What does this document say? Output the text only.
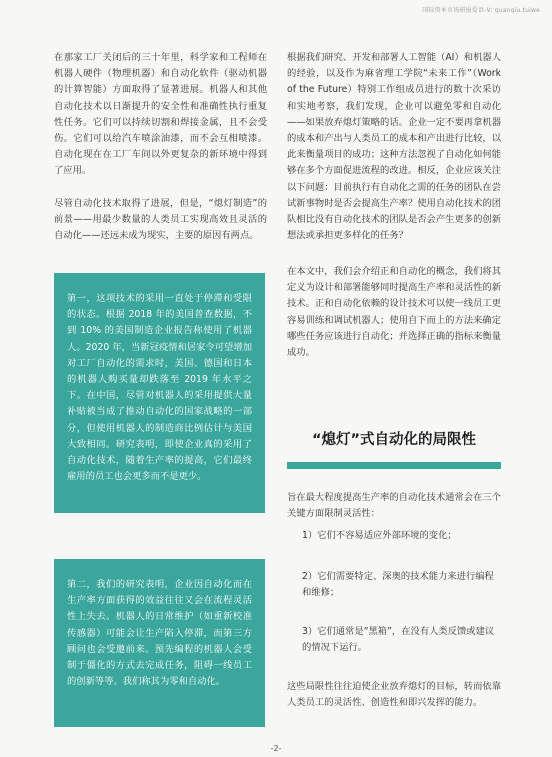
国际资本市场研报爱语-V: quanqiu.tuiwe

在那家工厂关闭后的三十年里，科学家和工程师在机器人硬件（物理机器）和自动化软件（驱动机器的计算智能）方面取得了显著进展。机器人和其他自动化技术以日渐提升的安全性和准确性执行重复性任务。它们可以持续切割和焊接金属，且不会受伤。它们可以给汽车喷涂油漆，而不会互相喷漆。自动化现在在工厂车间以外更复杂的新环境中得到了应用。

尽管自动化技术取得了进展，但是，“熄灯制造”的前景——用最少数量的人类员工实现高效且灵活的自动化——还远未成为现实，主要的原因有两点。

第一，这项技术的采用一直处于停滞和受限的状态。根据 2018 年的美国普查数据，不到 10% 的美国制造企业报告称使用了机器人。2020 年，当新冠疫情和居家令可望增加对工厂自动化的需求时，美国、德国和日本的机器人购买量却跌落至 2019 年水平之下。在中国，尽管对机器人的采用提供大量补贴被当成了推动自动化的国家战略的一部分，但使用机器人的制造商比例估计与美国大致相同。研究表明，即使企业真的采用了自动化技术，随着生产率的提高，它们最终雇用的员工也会更多而不是更少。

第二，我们的研究表明，企业因自动化而在生产率方面获得的效益往往又会在流程灵活性上失去。机器人的日常维护（如重新校准传感器）可能会让生产陷入停滞，而第三方顾问也会受邀前来。预先编程的机器人会受制于僵化的方式去完成任务，阻碍一线员工的创新等等。我们称其为零和自动化。

根据我们研究、开发和部署人工智能（AI）和机器人的经验，以及作为麻省理工学院“未来工作”（Work of the Future）特别工作组成员进行的数十次采访和实地考察，我们发现，企业可以避免零和自动化——如果放弃熄灯策略的话。企业一定不要再拿机器的成本和产出与人类员工的成本和产出进行比较，以此来衡量项目的成功；这种方法忽视了自动化如何能够在多个方面促进流程的改进。相反，企业应该关注以下问题：目前执行有自动化之需的任务的团队在尝试新事物时是否会提高生产率？使用自动化技术的团队相比没有自动化技术的团队是否会产生更多的创新想法或承担更多样化的任务？

在本文中，我们会介绍正和自动化的概念，我们将其定义为设计和部署能够同时提高生产率和灵活性的新技术。正和自动化依赖的设计技术可以使一线员工更容易训练和调试机器人；使用自下而上的方法来确定哪些任务应该进行自动化；并选择正确的指标来衡量成功。

“熄灯”式自动化的局限性

旨在最大程度提高生产率的自动化技术通常会在三个关键方面限制灵活性：

1）它们不容易适应外部环境的变化；

2）它们需要特定、深奥的技术能力来进行编程和维修；

3）它们通常是“黑箱”，在没有人类反馈或建议的情况下运行。

这些局限性往往迫使企业放弃熄灯的目标，转而依靠人类员工的灵活性、创造性和即兴发挥的能力。

-2-
